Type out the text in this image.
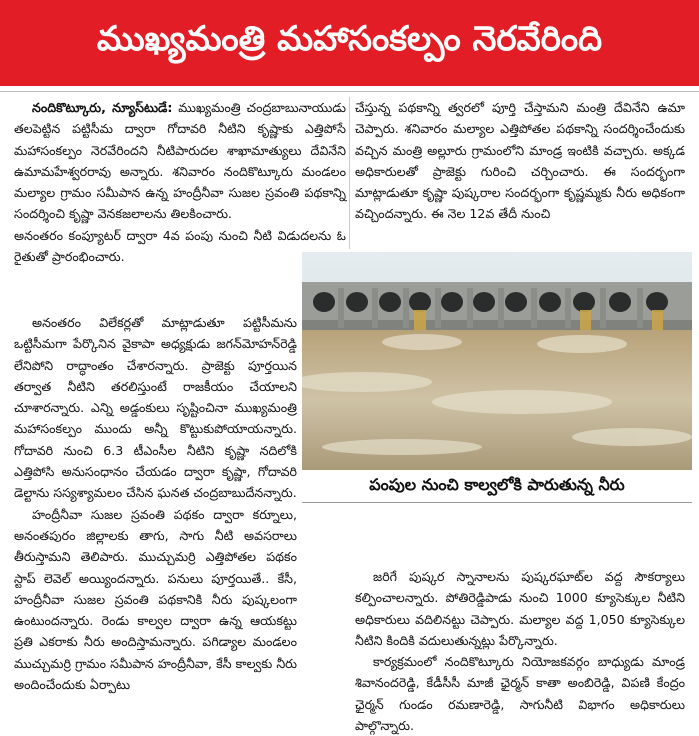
ముఖ్యమంత్రి మహాసంకల్పం నెరవేరింది

నందికొట్కూరు, న్యూస్‌టుడే: ముఖ్యమంత్రి చంద్రబాబునాయుడు తలపెట్టిన పట్టిసీమ ద్వారా గోదావరి నీటిని కృష్ణాకు ఎత్తిపోసే మహాసంకల్పం నెరవేరిందని నీటిపారుదల శాఖామాత్యులు దేవినేని ఉమామహేశ్వరరావు అన్నారు. శనివారం నందికొట్కూరు మండలం మల్యాల గ్రామం సమీపాన ఉన్న హంద్రీనీవా సుజల స్రవంతి పథకాన్ని సందర్శించి కృష్ణా వెనకజలాలను తిలకించారు.

అనంతరం కంప్యూటర్ ద్వారా 4వ పంపు నుంచి నీటి విడుదలను ఓ రైతుతో ప్రారంభించారు.

చేస్తున్న పథకాన్ని త్వరలో పూర్తి చేస్తామని మంత్రి దేవినేని ఉమా చెప్పారు. శనివారం మల్యాల ఎత్తిపోతల పథకాన్ని సందర్శించేందుకు వచ్చిన మంత్రి అల్లూరు గ్రామంలోని మాండ్ర ఇంటికి వచ్చారు. అక్కడ అధికారులతో ప్రాజెక్టు గురించి చర్చించారు. ఈ సందర్భంగా మాట్లాడుతూ కృష్ణా పుష్కరాల సందర్భంగా కృష్ణమ్మకు నీరు అధికంగా వచ్చిందన్నారు. ఈ నెల 12వ తేదీ నుంచి

అనంతరం విలేకర్లతో మాట్లాడుతూ పట్టిసీమను ఒట్టిసీమగా పేర్కొనిన వైకాపా అధ్యక్షుడు జగన్‌మోహన్‌రెడ్డి లేనిపోని రాద్ధాంతం చేశారన్నారు. ప్రాజెక్టు పూర్తయిన తర్వాత నీటిని తరలిస్తుంటే రాజకీయం చేయాలని చూశారన్నారు. ఎన్ని అడ్డంకులు సృష్టించినా ముఖ్యమంత్రి మహాసంకల్పం ముందు అన్నీ కొట్టుకుపోయాయన్నారు. గోదావరి నుంచి 6.3 టీఎంసీల నీటిని కృష్ణా నదిలోకి ఎత్తిపోసి అనుసంధానం చేయడం ద్వారా కృష్ణా, గోదావరి డెల్టాను సస్యశ్యామలం చేసిన ఘనత చంద్రబాబుదేనన్నారు.

హంద్రీనీవా సుజల స్రవంతి పథకం ద్వారా కర్నూలు, అనంతపురం జిల్లాలకు తాగు, సాగు నీటి అవసరాలు తీరుస్తామని తెలిపారు. ముచ్చుమర్రి ఎత్తిపోతల పథకం స్టాప్ లెవెల్ అయ్యిందన్నారు. పనులు పూర్తయితే.. కేసీ, హంద్రీనీవా సుజల స్రవంతి పథకానికి నీరు పుష్కలంగా ఉంటుందన్నారు. రెండు కాల్వల ద్వారా ఉన్న ఆయకట్టు ప్రతి ఎకరాకు నీరు అందిస్తామన్నారు. పగిడ్యాల మండలం ముచ్చుమర్రి గ్రామం సమీపాన హంద్రీనీవా, కేసీ కాల్వకు నీరు అందించేందుకు ఏర్పాటు

పంపుల నుంచి కాల్వలోకి పారుతున్న నీరు

జరిగే పుష్కర స్నానాలను పుష్కరఘాట్‌ల వద్ద సౌకర్యాలు కల్పించాలన్నారు. పోతిరెడ్డిపాడు నుంచి 1000 క్యూసెక్కుల నీటిని అధికారులు వదిలినట్టు చెప్పారు. మల్యాల వద్ద 1,050 క్యూసెక్కుల నీటిని కిందికి వదులుతున్నట్లు పేర్కొన్నారు.

కార్యక్రమంలో నందికొట్కూరు నియోజకవర్గం బాధ్యుడు మాండ్ర శివానందరెడ్డి, కేడీసీసీ మాజీ ఛైర్మన్ కాతా అంబిరెడ్డి, విపణి కేంద్రం ఛైర్మన్ గుండం రమణారెడ్డి, సాగునీటి విభాగం అధికారులు పాల్గొన్నారు.
